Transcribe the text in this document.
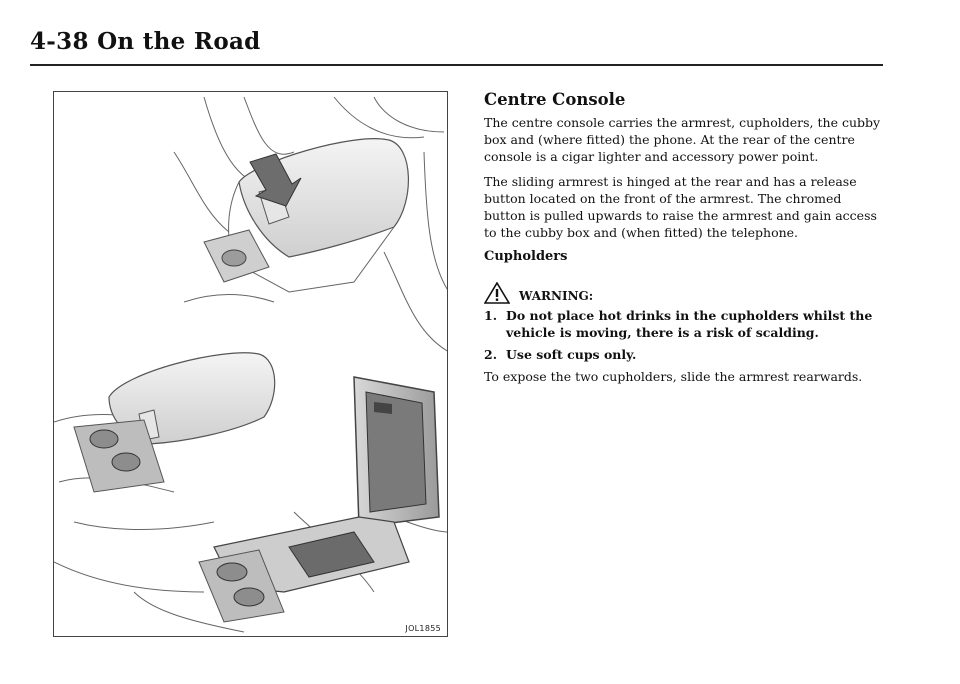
4-38 On the Road
JOL1855
Centre Console

The centre console carries the armrest, cupholders, the cubby box and (where fitted) the phone. At the rear of the centre console is a cigar lighter and accessory power point.

The sliding armrest is hinged at the rear and has a release button located on the front of the armrest. The chromed button is pulled upwards to raise the armrest and gain access to the cubby box and (when fitted) the telephone.

Cupholders
WARNING:
1. Do not place hot drinks in the cupholders whilst the vehicle is moving, there is a risk of scalding.
2. Use soft cups only.

To expose the two cupholders, slide the armrest rearwards.
